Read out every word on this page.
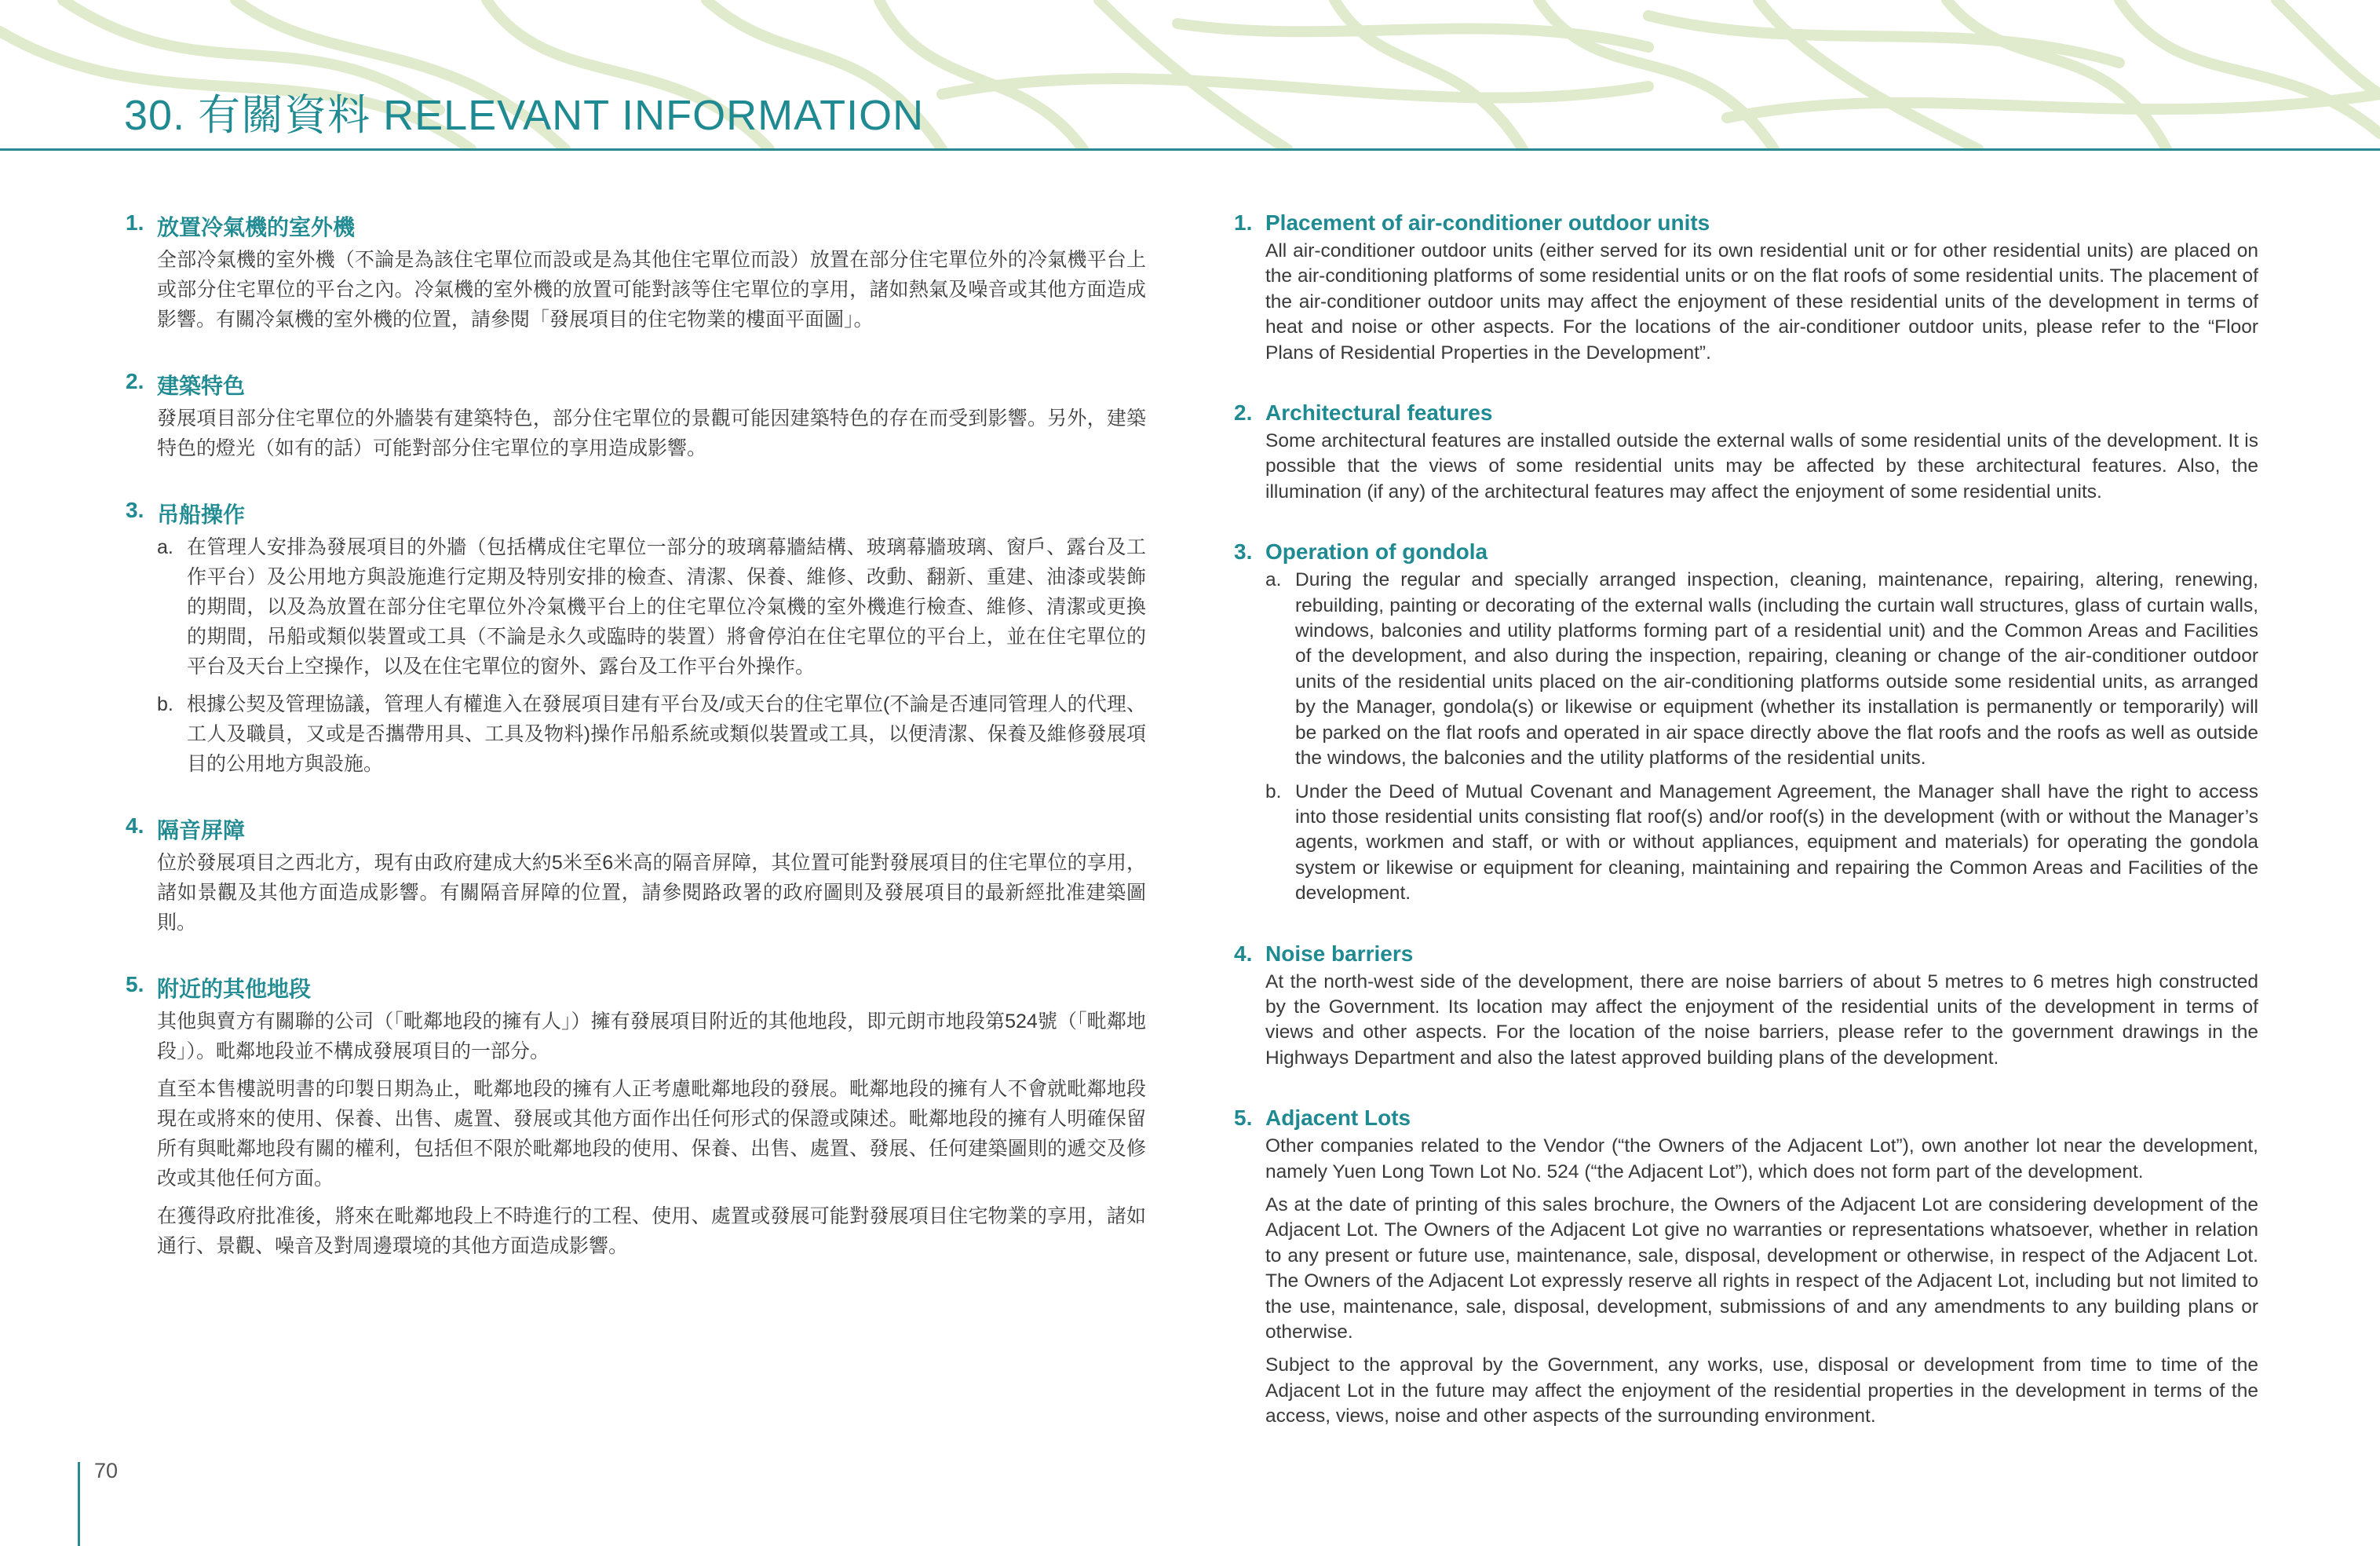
30. 有關資料 RELEVANT INFORMATION
1. 放置冷氣機的室外機
全部冷氣機的室外機（不論是為該住宅單位而設或是為其他住宅單位而設）放置在部分住宅單位外的冷氣機平台上或部分住宅單位的平台之內。冷氣機的室外機的放置可能對該等住宅單位的享用，諸如熱氣及噪音或其他方面造成影響。有關冷氣機的室外機的位置，請參閱「發展項目的住宅物業的樓面平面圖」。
2. 建築特色
發展項目部分住宅單位的外牆裝有建築特色，部分住宅單位的景觀可能因建築特色的存在而受到影響。另外，建築特色的燈光（如有的話）可能對部分住宅單位的享用造成影響。
3. 吊船操作
a. 在管理人安排為發展項目的外牆（包括構成住宅單位一部分的玻璃幕牆結構、玻璃幕牆玻璃、窗戶、露台及工作平台）及公用地方與設施進行定期及特別安排的檢查、清潔、保養、維修、改動、翻新、重建、油漆或裝飾的期間，以及為放置在部分住宅單位外冷氣機平台上的住宅單位冷氣機的室外機進行檢查、維修、清潔或更換的期間，吊船或類似裝置或工具（不論是永久或臨時的裝置）將會停泊在住宅單位的平台上，並在住宅單位的平台及天台上空操作，以及在住宅單位的窗外、露台及工作平台外操作。
b. 根據公契及管理協議，管理人有權進入在發展項目建有平台及/或天台的住宅單位(不論是否連同管理人的代理、工人及職員，又或是否攜帶用具、工具及物料)操作吊船系統或類似裝置或工具，以便清潔、保養及維修發展項目的公用地方與設施。
4. 隔音屏障
位於發展項目之西北方，現有由政府建成大約5米至6米高的隔音屏障，其位置可能對發展項目的住宅單位的享用，諸如景觀及其他方面造成影響。有關隔音屏障的位置，請參閱路政署的政府圖則及發展項目的最新經批准建築圖則。
5. 附近的其他地段
其他與賣方有關聯的公司（「毗鄰地段的擁有人」）擁有發展項目附近的其他地段，即元朗市地段第524號（「毗鄰地段」）。毗鄰地段並不構成發展項目的一部分。
直至本售樓説明書的印製日期為止，毗鄰地段的擁有人正考慮毗鄰地段的發展。毗鄰地段的擁有人不會就毗鄰地段現在或將來的使用、保養、出售、處置、發展或其他方面作出任何形式的保證或陳述。毗鄰地段的擁有人明確保留所有與毗鄰地段有關的權利，包括但不限於毗鄰地段的使用、保養、出售、處置、發展、任何建築圖則的遞交及修改或其他任何方面。
在獲得政府批准後，將來在毗鄰地段上不時進行的工程、使用、處置或發展可能對發展項目住宅物業的享用，諸如通行、景觀、噪音及對周邊環境的其他方面造成影響。
1. Placement of air-conditioner outdoor units
All air-conditioner outdoor units (either served for its own residential unit or for other residential units) are placed on the air-conditioning platforms of some residential units or on the flat roofs of some residential units. The placement of the air-conditioner outdoor units may affect the enjoyment of these residential units of the development in terms of heat and noise or other aspects. For the locations of the air-conditioner outdoor units, please refer to the “Floor Plans of Residential Properties in the Development”.
2. Architectural features
Some architectural features are installed outside the external walls of some residential units of the development. It is possible that the views of some residential units may be affected by these architectural features. Also, the illumination (if any) of the architectural features may affect the enjoyment of some residential units.
3. Operation of gondola
a. During the regular and specially arranged inspection, cleaning, maintenance, repairing, altering, renewing, rebuilding, painting or decorating of the external walls (including the curtain wall structures, glass of curtain walls, windows, balconies and utility platforms forming part of a residential unit) and the Common Areas and Facilities of the development, and also during the inspection, repairing, cleaning or change of the air-conditioner outdoor units of the residential units placed on the air-conditioning platforms outside some residential units, as arranged by the Manager, gondola(s) or likewise or equipment (whether its installation is permanently or temporarily) will be parked on the flat roofs and operated in air space directly above the flat roofs and the roofs as well as outside the windows, the balconies and the utility platforms of the residential units.
b. Under the Deed of Mutual Covenant and Management Agreement, the Manager shall have the right to access into those residential units consisting flat roof(s) and/or roof(s) in the development (with or without the Manager’s agents, workmen and staff, or with or without appliances, equipment and materials) for operating the gondola system or likewise or equipment for cleaning, maintaining and repairing the Common Areas and Facilities of the development.
4. Noise barriers
At the north-west side of the development, there are noise barriers of about 5 metres to 6 metres high constructed by the Government. Its location may affect the enjoyment of the residential units of the development in terms of views and other aspects. For the location of the noise barriers, please refer to the government drawings in the Highways Department and also the latest approved building plans of the development.
5. Adjacent Lots
Other companies related to the Vendor (“the Owners of the Adjacent Lot”), own another lot near the development, namely Yuen Long Town Lot No. 524 (“the Adjacent Lot”), which does not form part of the development.
As at the date of printing of this sales brochure, the Owners of the Adjacent Lot are considering development of the Adjacent Lot. The Owners of the Adjacent Lot give no warranties or representations whatsoever, whether in relation to any present or future use, maintenance, sale, disposal, development or otherwise, in respect of the Adjacent Lot. The Owners of the Adjacent Lot expressly reserve all rights in respect of the Adjacent Lot, including but not limited to the use, maintenance, sale, disposal, development, submissions of and any amendments to any building plans or otherwise.
Subject to the approval by the Government, any works, use, disposal or development from time to time of the Adjacent Lot in the future may affect the enjoyment of the residential properties in the development in terms of the access, views, noise and other aspects of the surrounding environment.
70
